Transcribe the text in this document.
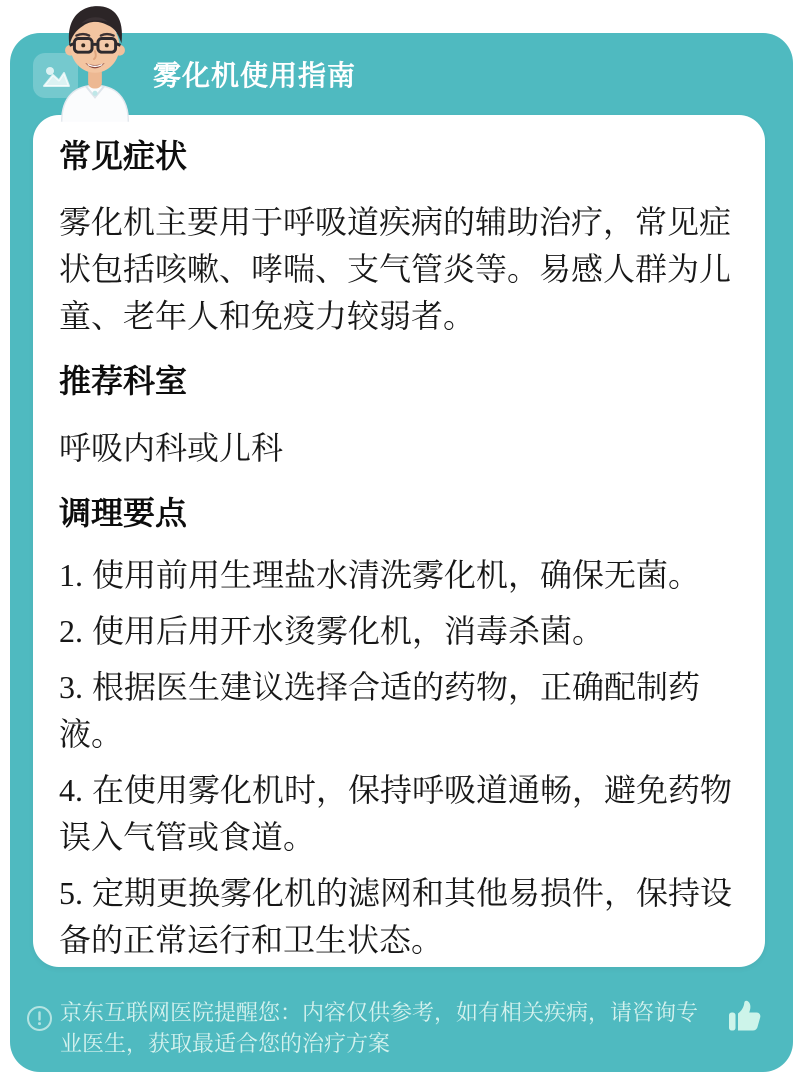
雾化机使用指南
常见症状

雾化机主要用于呼吸道疾病的辅助治疗，常见症状包括咳嗽、哮喘、支气管炎等。易感人群为儿童、老年人和免疫力较弱者。

推荐科室

呼吸内科或儿科

调理要点

1. 使用前用生理盐水清洗雾化机，确保无菌。

2. 使用后用开水烫雾化机，消毒杀菌。

3. 根据医生建议选择合适的药物，正确配制药液。

4. 在使用雾化机时，保持呼吸道通畅，避免药物误入气管或食道。

5. 定期更换雾化机的滤网和其他易损件，保持设备的正常运行和卫生状态。

京东互联网医院提醒您：内容仅供参考，如有相关疾病，请咨询专业医生，获取最适合您的治疗方案
